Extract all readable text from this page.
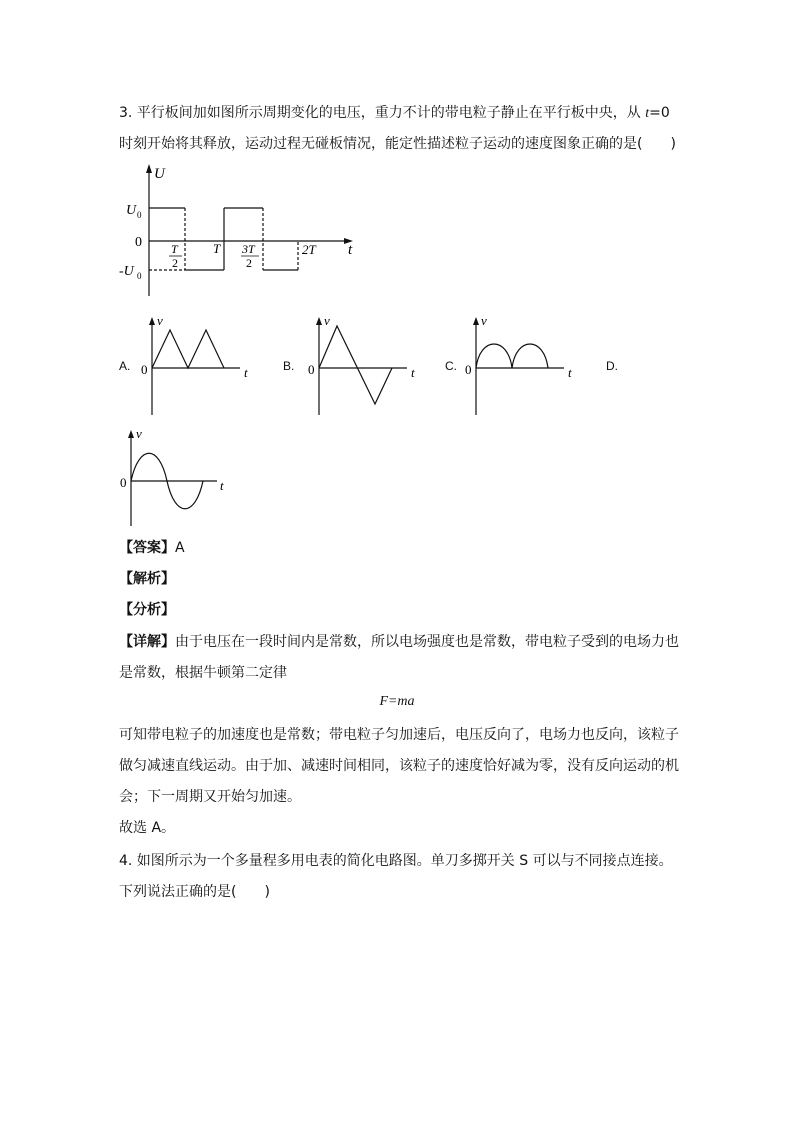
3. 平行板间加如图所示周期变化的电压，重力不计的带电粒子静止在平行板中央，从 t=0
时刻开始将其释放，运动过程无碰板情况，能定性描述粒子运动的速度图象正确的是(　　)
U
t
0
U 0
-U 0
T
2
T 3T
2
2T
A.
v
t
0	B.
v
t
0	C.
v
t
0	D.
v
t
0
【答案】A
【解析】
【分析】
【详解】由于电压在一段时间内是常数，所以电场强度也是常数，带电粒子受到的电场力也
是常数，根据牛顿第二定律
F=ma
可知带电粒子的加速度也是常数；带电粒子匀加速后，电压反向了，电场力也反向，该粒子
做匀减速直线运动。由于加、减速时间相同，该粒子的速度恰好减为零，没有反向运动的机
会；下一周期又开始匀加速。
故选 A。
4. 如图所示为一个多量程多用电表的简化电路图。单刀多掷开关 S 可以与不同接点连接。
下列说法正确的是(　　)
